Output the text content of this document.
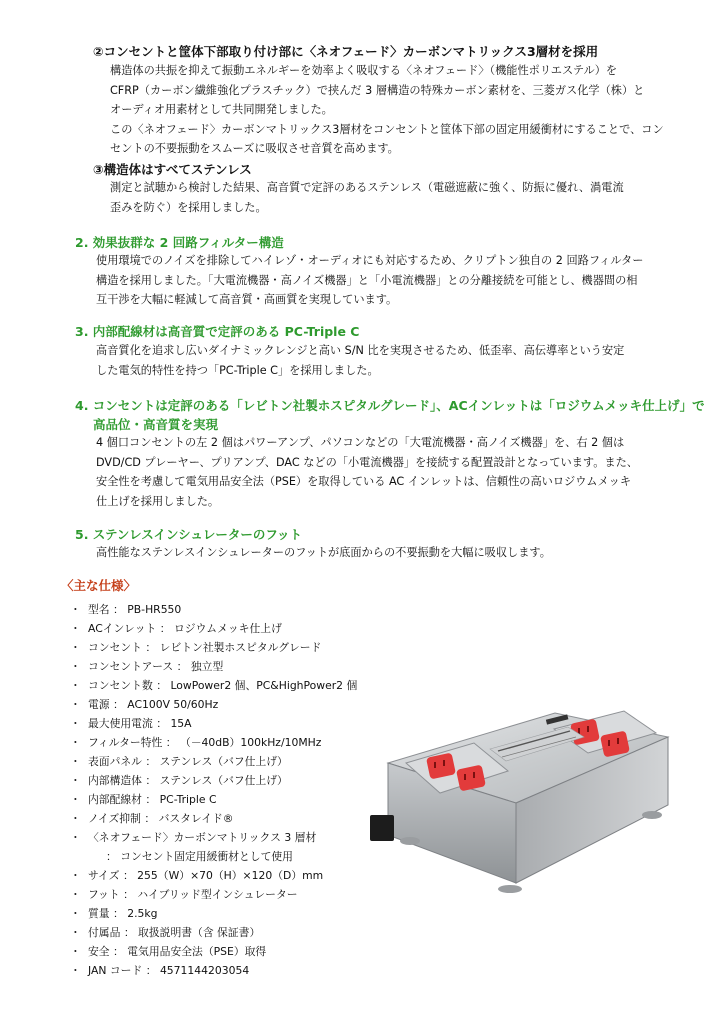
②コンセントと筐体下部取り付け部に〈ネオフェード〉カーボンマトリックス3層材を採用

構造体の共振を抑えて振動エネルギーを効率よく吸収する〈ネオフェード〉（機能性ポリエステル）を

CFRP（カーボン繊維強化プラスチック）で挟んだ 3 層構造の特殊カーボン素材を、三菱ガス化学（株）と

オーディオ用素材として共同開発しました。

この〈ネオフェード〉カーボンマトリックス3層材をコンセントと筐体下部の固定用緩衝材にすることで、コン

セントの不要振動をスムーズに吸収させ音質を高めます。

③構造体はすべてステンレス

測定と試聴から検討した結果、高音質で定評のあるステンレス（電磁遮蔽に強く、防振に優れ、渦電流

歪みを防ぐ）を採用しました。

2. 効果抜群な 2 回路フィルター構造

使用環境でのノイズを排除してハイレゾ・オーディオにも対応するため、クリプトン独自の 2 回路フィルター

構造を採用しました。「大電流機器・高ノイズ機器」と「小電流機器」との分離接続を可能とし、機器間の相

互干渉を大幅に軽減して高音質・高画質を実現しています。

3. 内部配線材は高音質で定評のある PC-Triple C

高音質化を追求し広いダイナミックレンジと高い S/N 比を実現させるため、低歪率、高伝導率という安定

した電気的特性を持つ「PC-Triple C」を採用しました。

4. コンセントは定評のある「レビトン社製ホスピタルグレード」、ACインレットは「ロジウムメッキ仕上げ」で
高品位・高音質を実現

4 個口コンセントの左 2 個はパワーアンプ、パソコンなどの「大電流機器・高ノイズ機器」を、右 2 個は

DVD/CD プレーヤー、プリアンプ、DAC などの「小電流機器」を接続する配置設計となっています。また、

安全性を考慮して電気用品安全法（PSE）を取得している AC インレットは、信頼性の高いロジウムメッキ

仕上げを採用しました。

5. ステンレスインシュレーターのフット

高性能なステンレスインシュレーターのフットが底面からの不要振動を大幅に吸収します。

〈主な仕様〉
・ 型名 ： PB-HR550
・ ACインレット ： ロジウムメッキ仕上げ
・ コンセント ： レビトン社製ホスピタルグレード
・ コンセントアース ： 独立型
・ コンセント数 ： LowPower2 個、PC&HighPower2 個
・ 電源 ： AC100V 50/60Hz
・ 最大使用電流 ： 15A
・ フィルター特性 ： （－40dB）100kHz/10MHz
・ 表面パネル ： ステンレス（バフ仕上げ）
・ 内部構造体 ： ステンレス（バフ仕上げ）
・ 内部配線材 ： PC-Triple C
・ ノイズ抑制 ： バスタレイド®
・ 〈ネオフェード〉カーボンマトリックス 3 層材
： コンセント固定用緩衝材として使用
・ サイズ ： 255（W）×70（H）×120（D）mm
・ フット ： ハイブリッド型インシュレーター
・ 質量 ： 2.5kg
・ 付属品 ： 取扱説明書（含 保証書）
・ 安全 ： 電気用品安全法（PSE）取得
・ JAN コード ： 4571144203054
